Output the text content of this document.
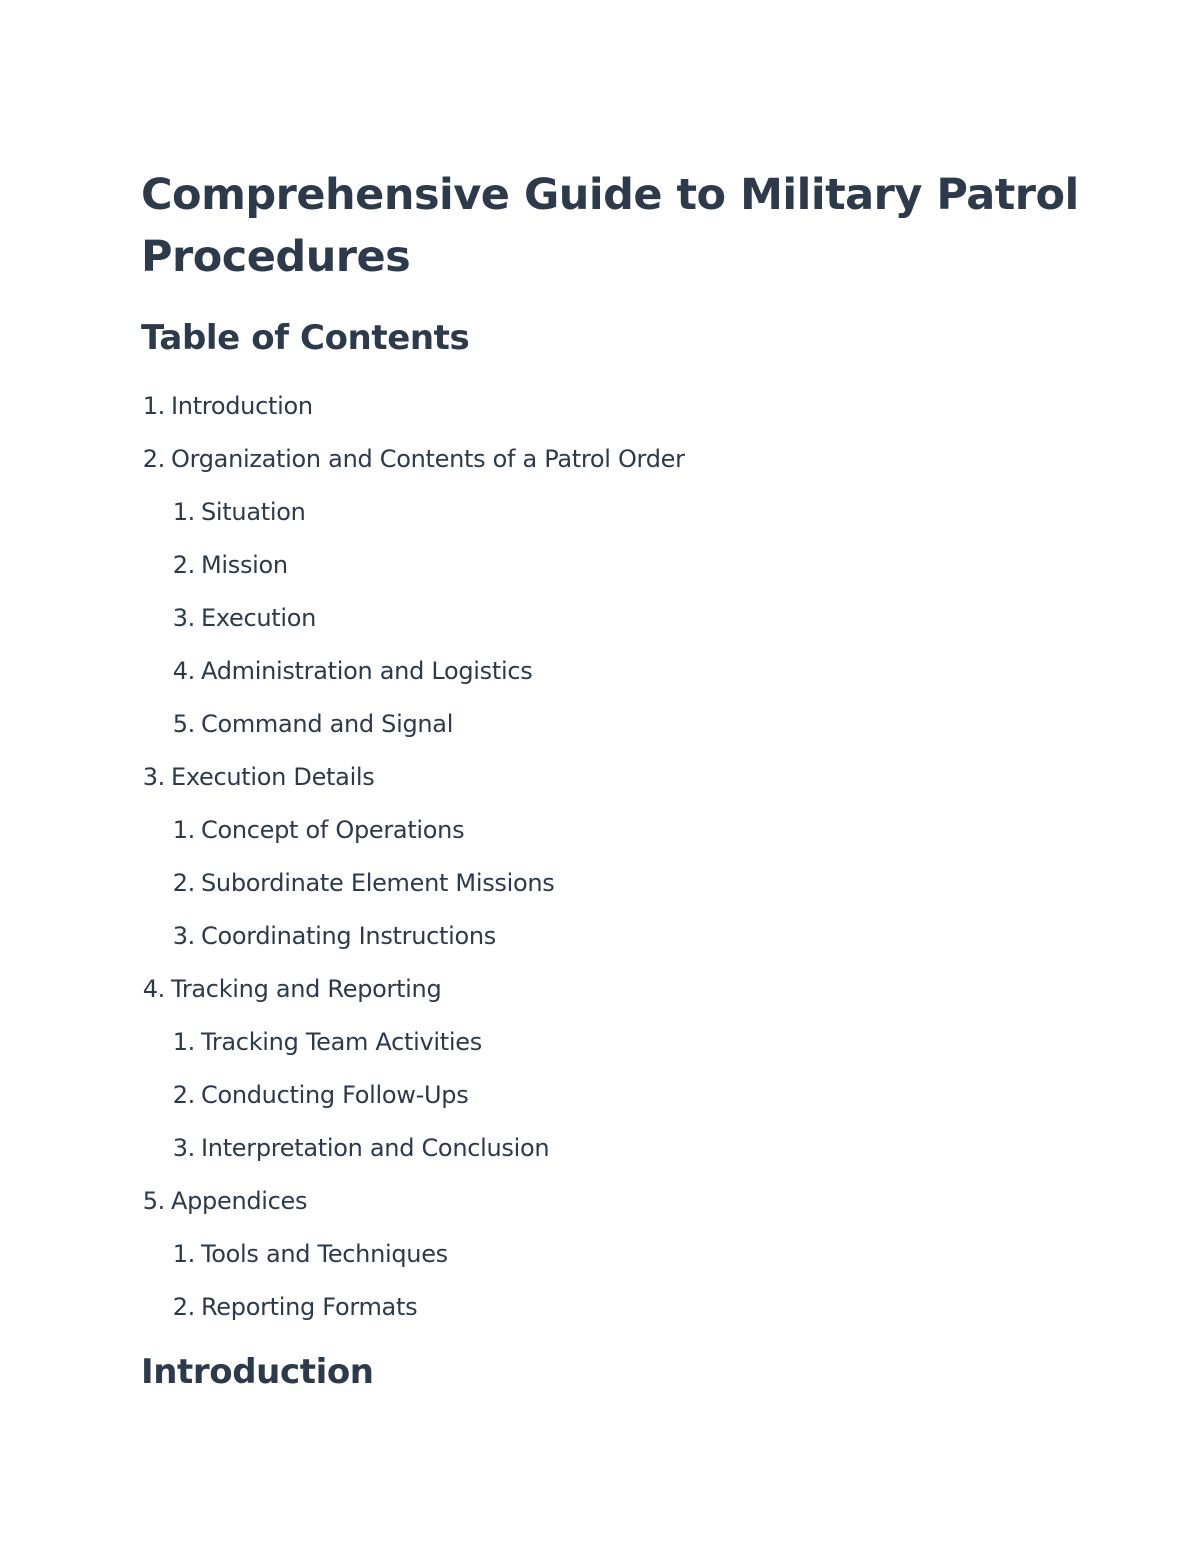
Comprehensive Guide to Military Patrol Procedures
Table of Contents
1. Introduction
2. Organization and Contents of a Patrol Order
1. Situation
2. Mission
3. Execution
4. Administration and Logistics
5. Command and Signal
3. Execution Details
1. Concept of Operations
2. Subordinate Element Missions
3. Coordinating Instructions
4. Tracking and Reporting
1. Tracking Team Activities
2. Conducting Follow-Ups
3. Interpretation and Conclusion
5. Appendices
1. Tools and Techniques
2. Reporting Formats
Introduction
